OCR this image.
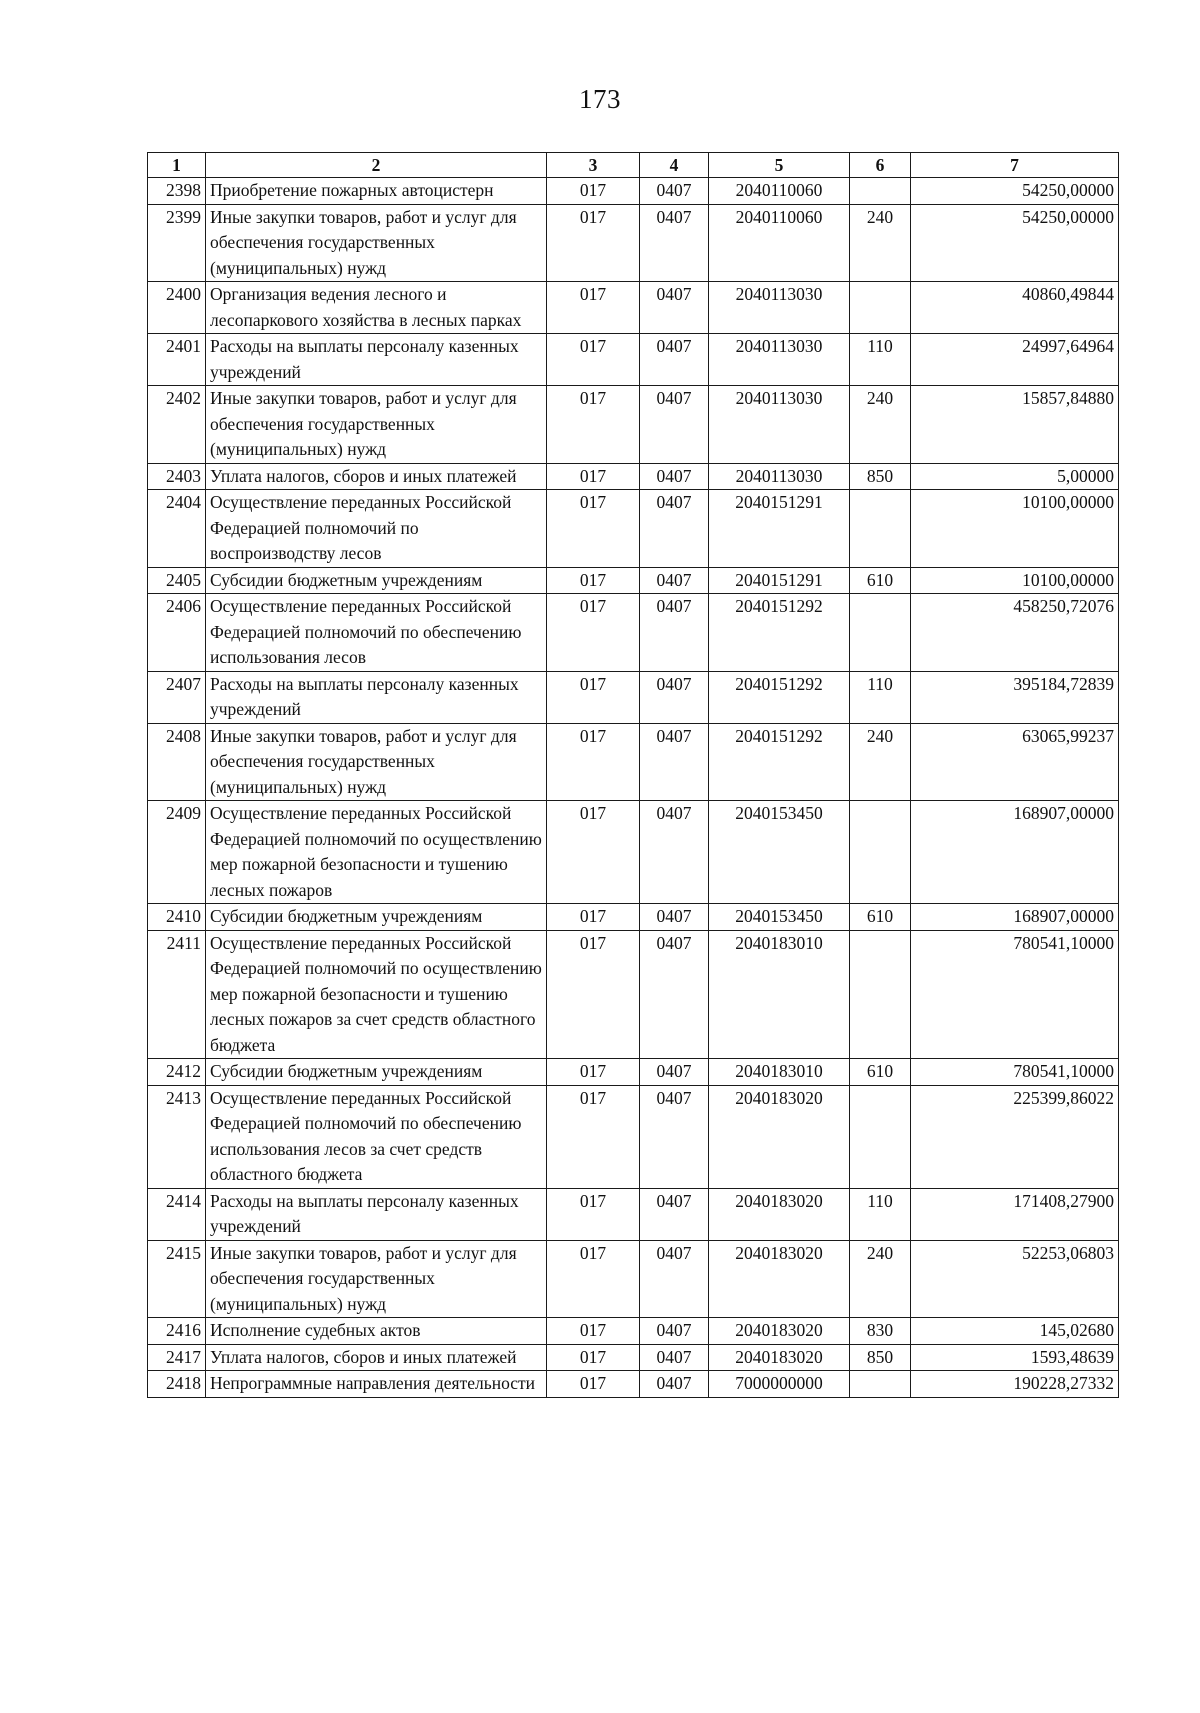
173
1	2	3	4	5	6	7
2398	Приобретение пожарных автоцистерн	017	0407	2040110060		54250,00000
2399	Иные закупки товаров, работ и услуг для обеспечения государственных (муниципальных) нужд	017	0407	2040110060	240	54250,00000
2400	Организация ведения лесного и лесопаркового хозяйства в лесных парках	017	0407	2040113030		40860,49844
2401	Расходы на выплаты персоналу казенных учреждений	017	0407	2040113030	110	24997,64964
2402	Иные закупки товаров, работ и услуг для обеспечения государственных (муниципальных) нужд	017	0407	2040113030	240	15857,84880
2403	Уплата налогов, сборов и иных платежей	017	0407	2040113030	850	5,00000
2404	Осуществление переданных Российской Федерацией полномочий по воспроизводству лесов	017	0407	2040151291		10100,00000
2405	Субсидии бюджетным учреждениям	017	0407	2040151291	610	10100,00000
2406	Осуществление переданных Российской Федерацией полномочий по обеспечению использования лесов	017	0407	2040151292		458250,72076
2407	Расходы на выплаты персоналу казенных учреждений	017	0407	2040151292	110	395184,72839
2408	Иные закупки товаров, работ и услуг для обеспечения государственных (муниципальных) нужд	017	0407	2040151292	240	63065,99237
2409	Осуществление переданных Российской Федерацией полномочий по осуществлению мер пожарной безопасности и тушению лесных пожаров	017	0407	2040153450		168907,00000
2410	Субсидии бюджетным учреждениям	017	0407	2040153450	610	168907,00000
2411	Осуществление переданных Российской Федерацией полномочий по осуществлению мер пожарной безопасности и тушению лесных пожаров за счет средств областного бюджета	017	0407	2040183010		780541,10000
2412	Субсидии бюджетным учреждениям	017	0407	2040183010	610	780541,10000
2413	Осуществление переданных Российской Федерацией полномочий по обеспечению использования лесов за счет средств областного бюджета	017	0407	2040183020		225399,86022
2414	Расходы на выплаты персоналу казенных учреждений	017	0407	2040183020	110	171408,27900
2415	Иные закупки товаров, работ и услуг для обеспечения государственных (муниципальных) нужд	017	0407	2040183020	240	52253,06803
2416	Исполнение судебных актов	017	0407	2040183020	830	145,02680
2417	Уплата налогов, сборов и иных платежей	017	0407	2040183020	850	1593,48639
2418	Непрограммные направления деятельности	017	0407	7000000000		190228,27332
